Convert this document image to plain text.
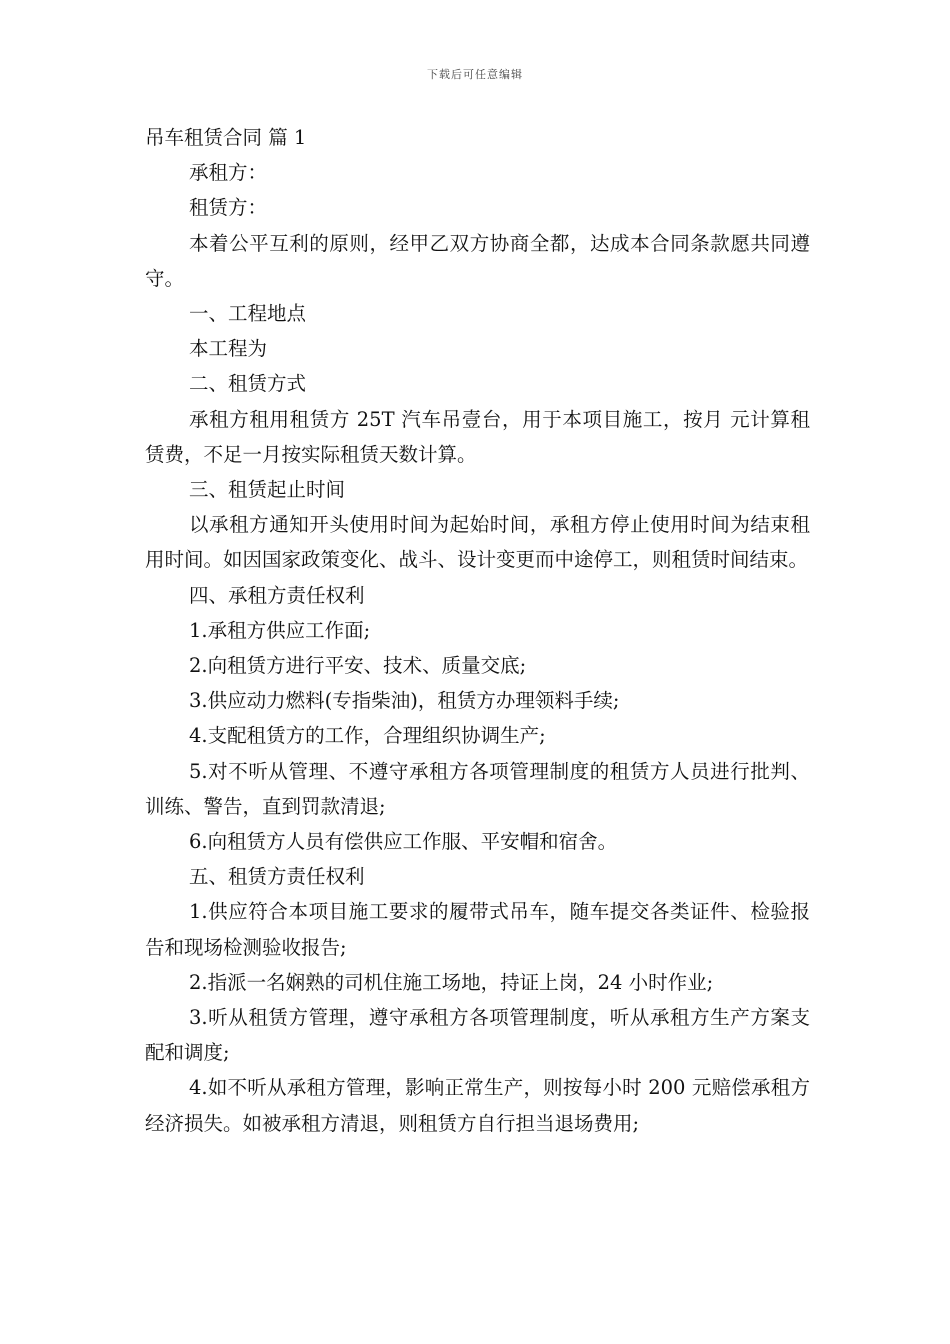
下载后可任意编辑

吊车租赁合同 篇 1

承租方：

租赁方：

本着公平互利的原则，经甲乙双方协商全都，达成本合同条款愿共同遵守。

一、工程地点

本工程为

二、租赁方式

承租方租用租赁方 25T 汽车吊壹台，用于本项目施工，按月 元计算租赁费，不足一月按实际租赁天数计算。

三、租赁起止时间

以承租方通知开头使用时间为起始时间，承租方停止使用时间为结束租用时间。如因国家政策变化、战斗、设计变更而中途停工，则租赁时间结束。

四、承租方责任权利

1.承租方供应工作面;

2.向租赁方进行平安、技术、质量交底;

3.供应动力燃料(专指柴油)，租赁方办理领料手续;

4.支配租赁方的工作，合理组织协调生产;

5.对不听从管理、不遵守承租方各项管理制度的租赁方人员进行批判、训练、警告，直到罚款清退;

6.向租赁方人员有偿供应工作服、平安帽和宿舍。

五、租赁方责任权利

1.供应符合本项目施工要求的履带式吊车，随车提交各类证件、检验报告和现场检测验收报告;

2.指派一名娴熟的司机住施工场地，持证上岗，24 小时作业;

3.听从租赁方管理，遵守承租方各项管理制度，听从承租方生产方案支配和调度;

4.如不听从承租方管理，影响正常生产，则按每小时 200 元赔偿承租方经济损失。如被承租方清退，则租赁方自行担当退场费用;
